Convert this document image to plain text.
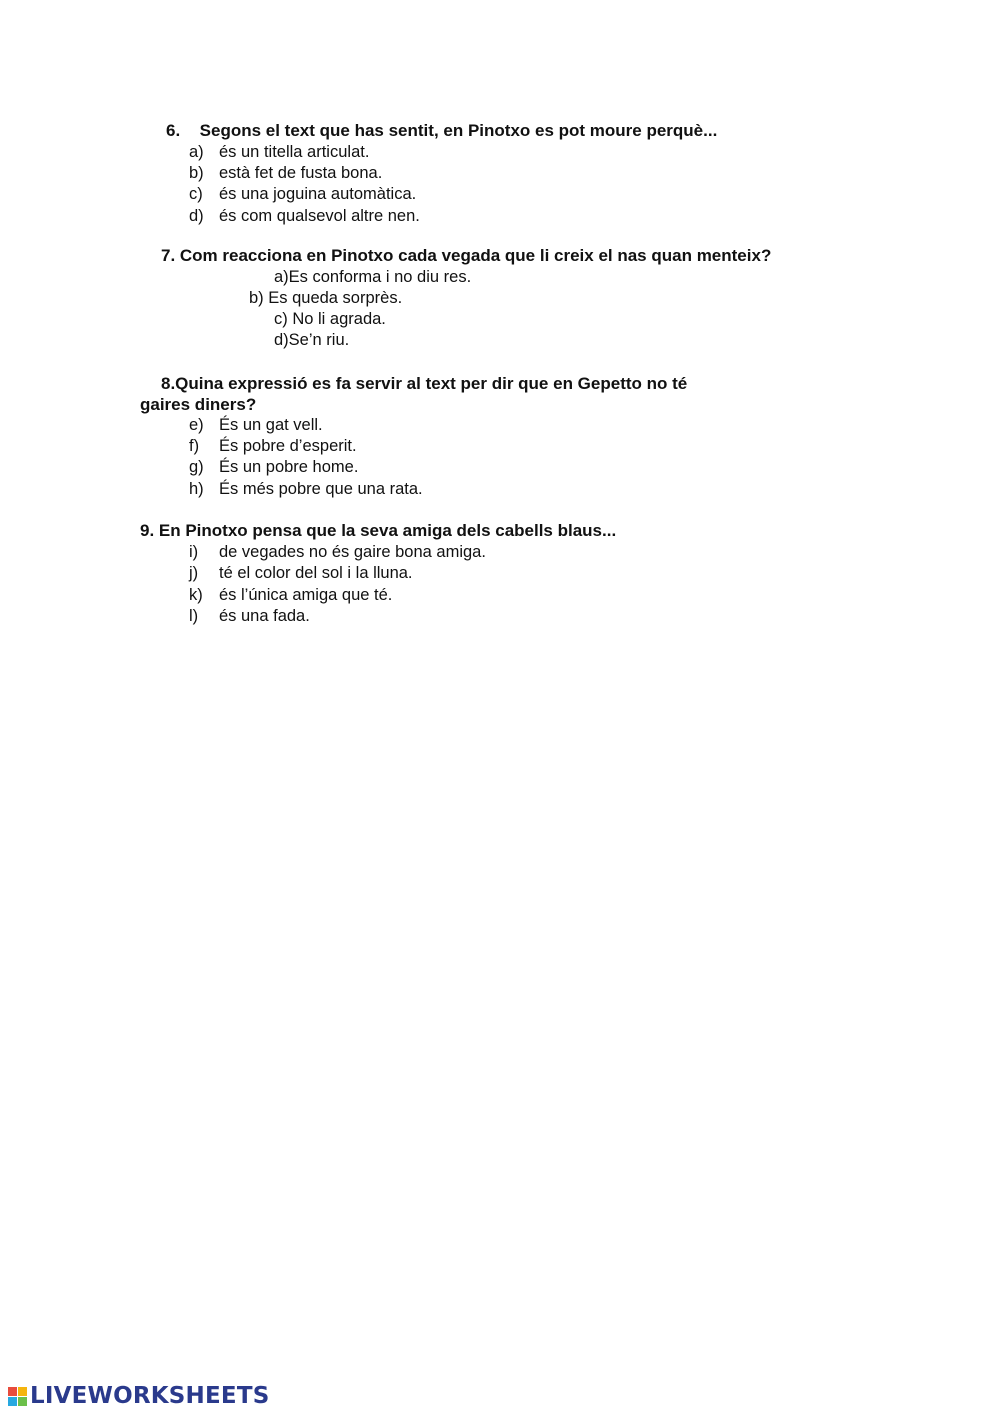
6. Segons el text que has sentit, en Pinotxo es pot moure perquè...
a) és un titella articulat.
b) està fet de fusta bona.
c) és una joguina automàtica.
d) és com qualsevol altre nen.
7. Com reacciona en Pinotxo cada vegada que li creix el nas quan menteix?
a)Es conforma i no diu res.
b) Es queda sorprès.
c) No li agrada.
d)Se’n riu.
8.Quina expressió es fa servir al text per dir que en Gepetto no té
gaires diners?
e) És un gat vell.
f) És pobre d’esperit.
g) És un pobre home.
h) És més pobre que una rata.
9. En Pinotxo pensa que la seva amiga dels cabells blaus...
i) de vegades no és gaire bona amiga.
j) té el color del sol i la lluna.
k) és l’única amiga que té.
l) és una fada.
LIVEWORKSHEETS
